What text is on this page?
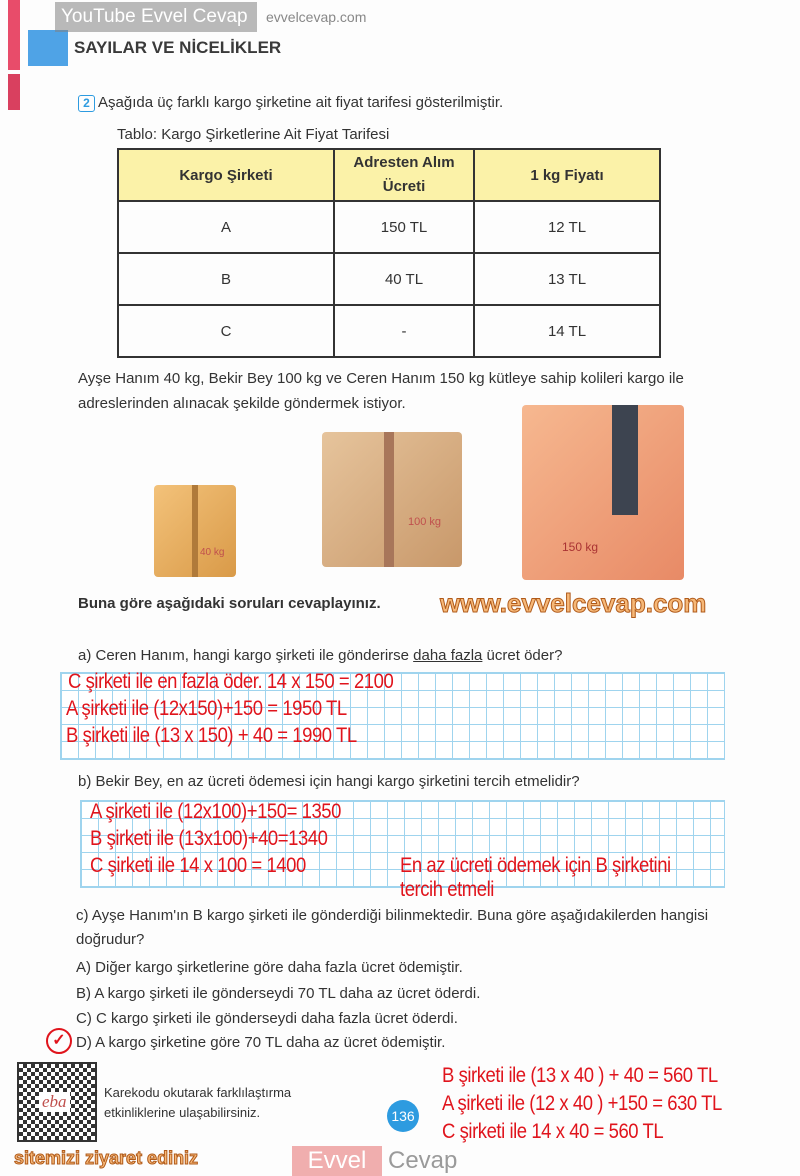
YouTube Evvel Cevap	evvelcevap.com
SAYILAR VE NİCELİKLER
2 Aşağıda üç farklı kargo şirketine ait fiyat tarifesi gösterilmiştir.
Tablo: Kargo Şirketlerine Ait Fiyat Tarifesi
Kargo Şirketi	Adresten Alım Ücreti	1 kg Fiyatı
A	150 TL	12 TL
B	40 TL	13 TL
C	-	14 TL
Ayşe Hanım 40 kg, Bekir Bey 100 kg ve Ceren Hanım 150 kg kütleye sahip kolileri kargo ile adreslerinden alınacak şekilde göndermek istiyor.
40 kg
100 kg
150 kg
Buna göre aşağıdaki soruları cevaplayınız. www.evvelcevap.com
a) Ceren Hanım, hangi kargo şirketi ile gönderirse daha fazla ücret öder?
C şirketi ile en fazla öder. 14 x 150 = 2100
A şirketi ile (12x150)+150 = 1950 TL
B şirketi ile (13 x 150) + 40 = 1990 TL
b) Bekir Bey, en az ücreti ödemesi için hangi kargo şirketini tercih etmelidir?
A şirketi ile (12x100)+150= 1350
B şirketi ile (13x100)+40=1340
C şirketi ile 14 x 100 = 1400	En az ücreti ödemek için B şirketini
tercih etmeli
c) Ayşe Hanım'ın B kargo şirketi ile gönderdiği bilinmektedir. Buna göre aşağıdakilerden hangisi doğrudur?
A) Diğer kargo şirketlerine göre daha fazla ücret ödemiştir.
B) A kargo şirketi ile gönderseydi 70 TL daha az ücret öderdi.
C) C kargo şirketi ile gönderseydi daha fazla ücret öderdi.
D) A kargo şirketine göre 70 TL daha az ücret ödemiştir.
✓
B şirketi ile (13 x 40 ) + 40 = 560 TL
A şirketi ile (12 x 40 ) +150 = 630 TL
C şirketi ile 14 x 40 = 560 TL
eba	Karekodu okutarak farklılaştırma
etkinliklerine ulaşabilirsiniz.	136
Evvel Cevap
sitemizi ziyaret ediniz
